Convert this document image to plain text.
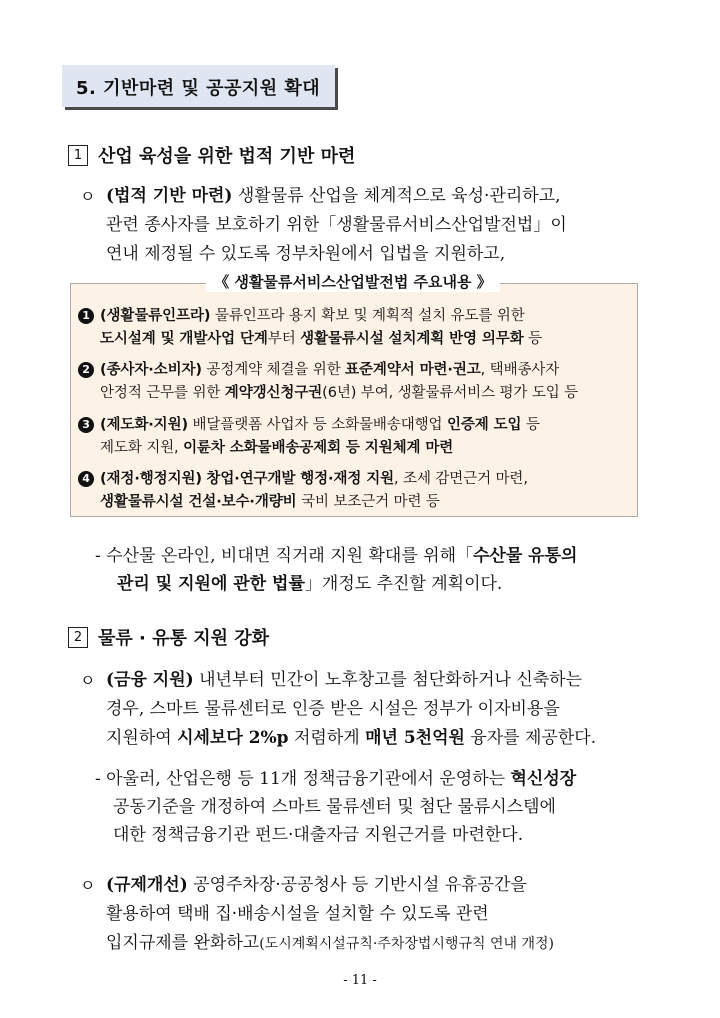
5. 기반마련 및 공공지원 확대
1 산업 육성을 위한 법적 기반 마련
ㅇ (법적 기반 마련) 생활물류 산업을 체계적으로 육성·관리하고,
관련 종사자를 보호하기 위한「생활물류서비스산업발전법」이
연내 제정될 수 있도록 정부차원에서 입법을 지원하고,
《 생활물류서비스산업발전법 주요내용 》
1 (생활물류인프라) 물류인프라 용지 확보 및 계획적 설치 유도를 위한
도시설계 및 개발사업 단계부터 생활물류시설 설치계획 반영 의무화 등
2 (종사자·소비자) 공정계약 체결을 위한 표준계약서 마련·권고, 택배종사자
안정적 근무를 위한 계약갱신청구권(6년) 부여, 생활물류서비스 평가 도입 등
3 (제도화·지원) 배달플랫폼 사업자 등 소화물배송대행업 인증제 도입 등
제도화 지원, 이륜차 소화물배송공제회 등 지원체계 마련
4 (재정·행정지원) 창업·연구개발 행정·재정 지원, 조세 감면근거 마련,
생활물류시설 건설·보수·개량비 국비 보조근거 마련 등
- 수산물 온라인, 비대면 직거래 지원 확대를 위해「수산물 유통의
관리 및 지원에 관한 법률」개정도 추진할 계획이다.
2 물류 · 유통 지원 강화
ㅇ (금융 지원) 내년부터 민간이 노후창고를 첨단화하거나 신축하는
경우, 스마트 물류센터로 인증 받은 시설은 정부가 이자비용을
지원하여 시세보다 2%p 저렴하게 매년 5천억원 융자를 제공한다.
- 아울러, 산업은행 등 11개 정책금융기관에서 운영하는 혁신성장
공동기준을 개정하여 스마트 물류센터 및 첨단 물류시스템에
대한 정책금융기관 펀드·대출자금 지원근거를 마련한다.
ㅇ (규제개선) 공영주차장·공공청사 등 기반시설 유휴공간을
활용하여 택배 집·배송시설을 설치할 수 있도록 관련
입지규제를 완화하고(도시계획시설규칙·주차장법시행규칙 연내 개정)
- 11 -
